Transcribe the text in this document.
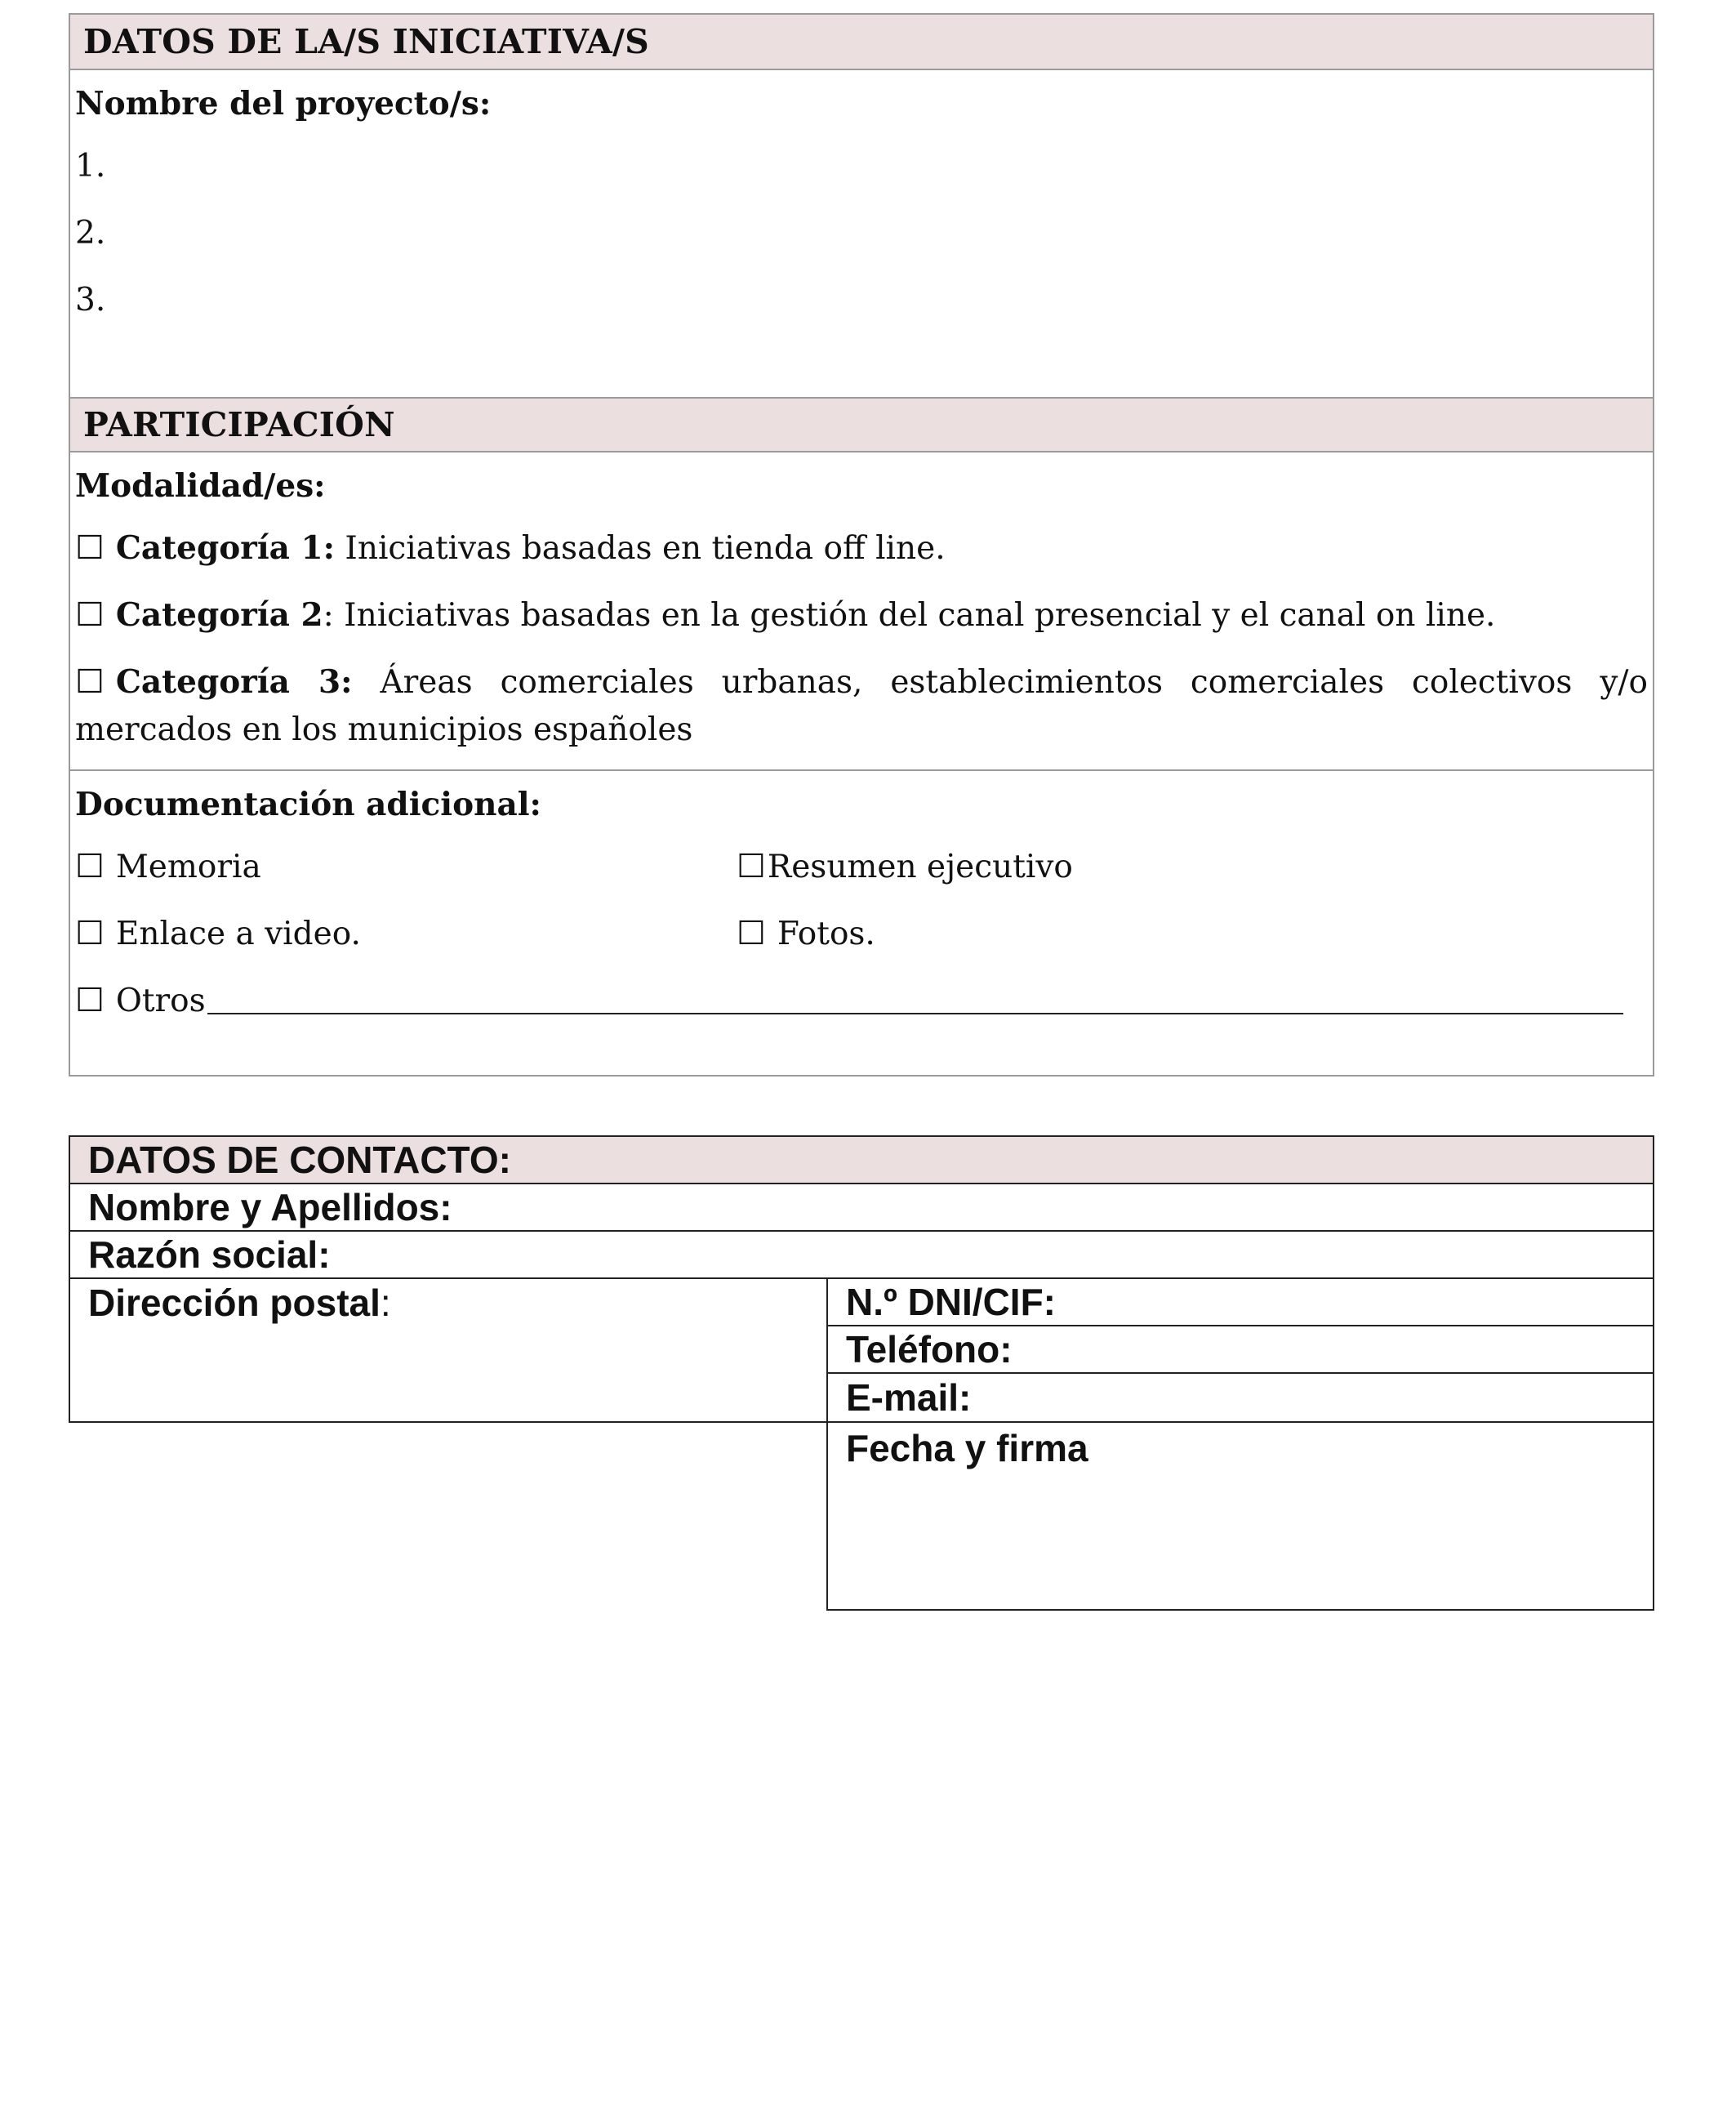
DATOS DE LA/S INICIATIVA/S
Nombre del proyecto/s:
1.
2.
3.
PARTICIPACIÓN
Modalidad/es:
☐ Categoría 1: Iniciativas basadas en tienda off line.
☐ Categoría 2 : Iniciativas basadas en la gestión del canal presencial y el canal on line.
☐ Categoría 3: Áreas comerciales urbanas, establecimientos comerciales colectivos y/o mercados en los municipios españoles
Documentación adicional:
☐ Memoria	☐ Resumen ejecutivo
☐ Enlace a video.	☐ Fotos.
☐ Otros
DATOS DE CONTACTO:
Nombre y Apellidos:
Razón social:
Dirección postal :	N.º DNI/CIF:
Teléfono:
E-mail:
Fecha y firma
